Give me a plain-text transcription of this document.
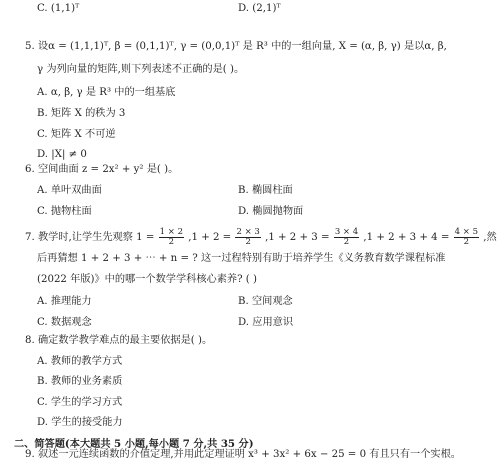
C. (1,1)ᵀ	D. (2,1)ᵀ
5. 设α = (1,1,1)ᵀ, β = (0,1,1)ᵀ, γ = (0,0,1)ᵀ 是 R³ 中的一组向量, X = (α, β, γ) 是以α, β,
γ 为列向量的矩阵,则下列表述不正确的是( )。
A. α, β, γ 是 R³ 中的一组基底
B. 矩阵 X 的秩为 3
C. 矩阵 X 不可逆
D. |X| ≠ 0
6. 空间曲面 z = 2x² + y² 是( )。
A. 单叶双曲面	B. 椭圆柱面
C. 抛物柱面	D. 椭圆抛物面
7. 教学时,让学生先观察 $1 = \frac{1 \times 2}{2} ,1 + 2 = \frac{2 \times 3}{2} ,1 + 2 + 3 = \frac{3 \times 4}{2} ,1 + 2 + 3 + 4 = \frac{4 \times 5}{2}$ ,然
后再猜想 1 + 2 + 3 + ⋯ + n = ? 这一过程特别有助于培养学生《义务教育数学课程标准
(2022 年版)》中的哪一个数学学科核心素养? ( )
A. 推理能力	B. 空间观念
C. 数据观念	D. 应用意识
8. 确定数学教学难点的最主要依据是( )。
A. 教师的教学方式
B. 教师的业务素质
C. 学生的学习方式
D. 学生的接受能力
二、简答题(本大题共 5 小题,每小题 7 分,共 35 分)
9. 叙述一元连续函数的介值定理,并用此定理证明 x³ + 3x² + 6x − 25 = 0 有且只有一个实根。
